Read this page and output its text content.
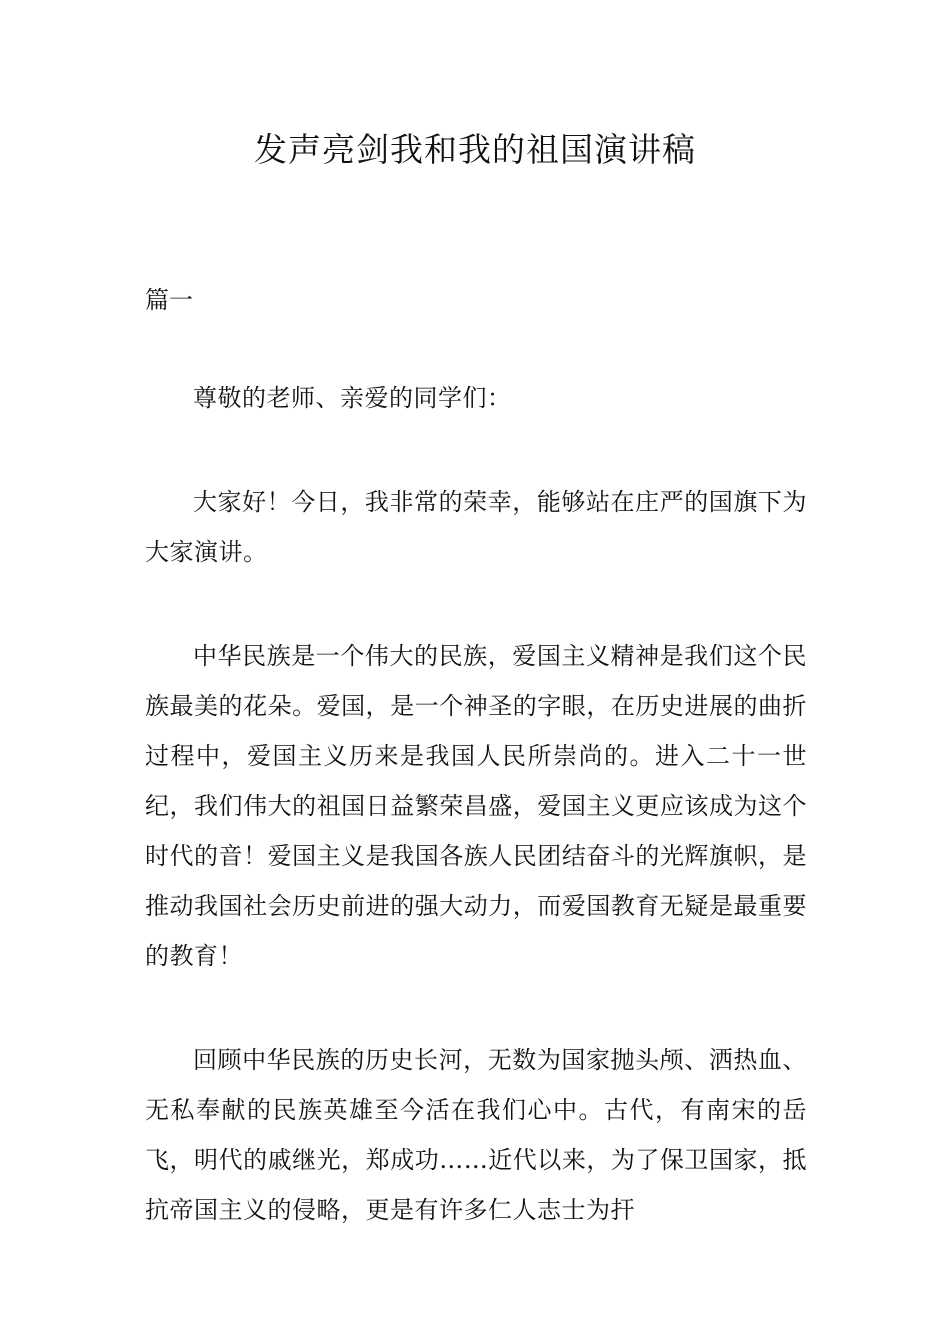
发声亮剑我和我的祖国演讲稿

篇一

尊敬的老师、亲爱的同学们：

大家好！今日，我非常的荣幸，能够站在庄严的国旗下为大家演讲。

中华民族是一个伟大的民族，爱国主义精神是我们这个民族最美的花朵。爱国，是一个神圣的字眼，在历史进展的曲折过程中，爱国主义历来是我国人民所崇尚的。进入二十一世纪，我们伟大的祖国日益繁荣昌盛，爱国主义更应该成为这个时代的音！爱国主义是我国各族人民团结奋斗的光辉旗帜，是推动我国社会历史前进的强大动力，而爱国教育无疑是最重要的教育！

回顾中华民族的历史长河，无数为国家抛头颅、洒热血、无私奉献的民族英雄至今活在我们心中。古代，有南宋的岳飞，明代的戚继光，郑成功……近代以来，为了保卫国家，抵抗帝国主义的侵略，更是有许多仁人志士为扞
